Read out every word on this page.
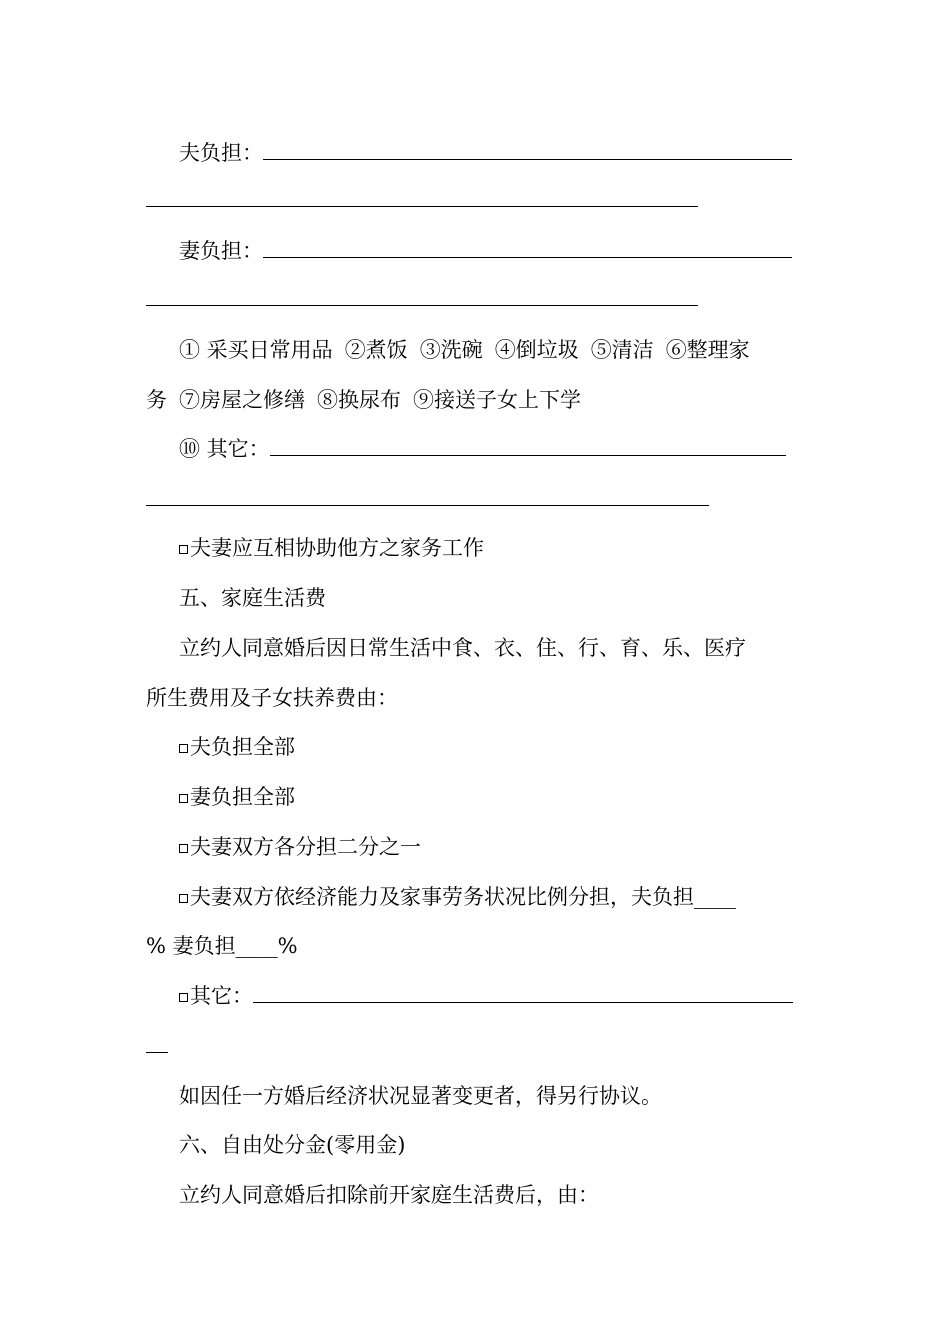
夫负担：
妻负担：
① 采买日常用品 ②煮饭 ③洗碗 ④倒垃圾 ⑤清洁 ⑥整理家
务 ⑦房屋之修缮 ⑧换尿布 ⑨接送子女上下学
⑩ 其它：
夫妻应互相协助他方之家务工作
五、家庭生活费
立约人同意婚后因日常生活中食、衣、住、行、育、乐、医疗
所生费用及子女扶养费由：
夫负担全部
妻负担全部
夫妻双方各分担二分之一
夫妻双方依经济能力及家事劳务状况比例分担，夫负担____
% 妻负担____%
其它：
如因任一方婚后经济状况显著变更者，得另行协议。
六、自由处分金(零用金)
立约人同意婚后扣除前开家庭生活费后，由：
